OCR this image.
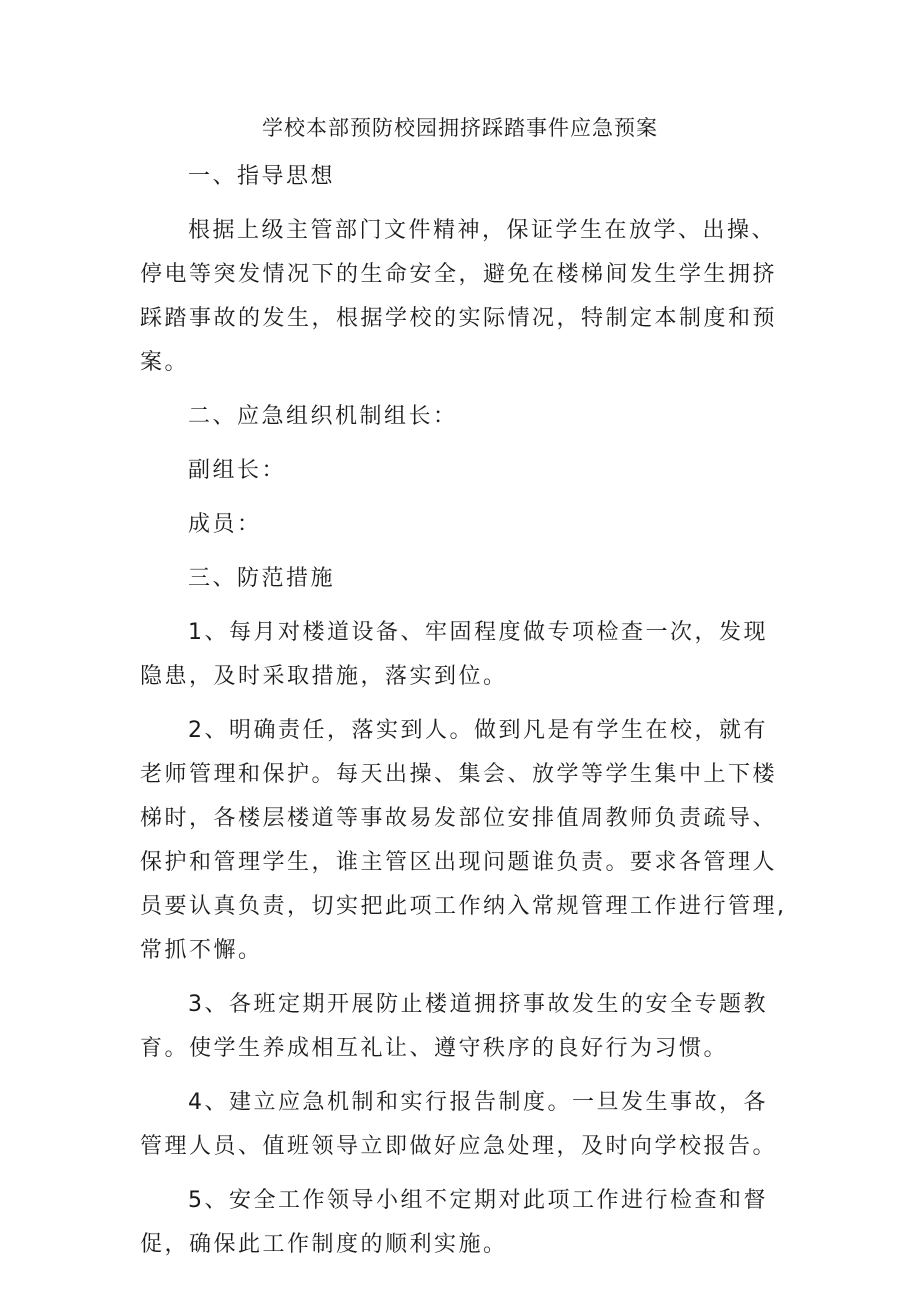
学校本部预防校园拥挤踩踏事件应急预案

一、指导思想

根据上级主管部门文件精神，保证学生在放学、出操、停电等突发情况下的生命安全，避免在楼梯间发生学生拥挤踩踏事故的发生，根据学校的实际情况，特制定本制度和预案。

二、应急组织机制组长：

副组长：

成员：

三、防范措施

1、每月对楼道设备、牢固程度做专项检查一次，发现隐患，及时采取措施，落实到位。

2、明确责任，落实到人。做到凡是有学生在校，就有老师管理和保护。每天出操、集会、放学等学生集中上下楼梯时，各楼层楼道等事故易发部位安排值周教师负责疏导、保护和管理学生，谁主管区出现问题谁负责。要求各管理人员要认真负责，切实把此项工作纳入常规管理工作进行管理,常抓不懈。

3、各班定期开展防止楼道拥挤事故发生的安全专题教育。使学生养成相互礼让、遵守秩序的良好行为习惯。

4、建立应急机制和实行报告制度。一旦发生事故，各管理人员、值班领导立即做好应急处理，及时向学校报告。

5、安全工作领导小组不定期对此项工作进行检查和督促，确保此工作制度的顺利实施。
